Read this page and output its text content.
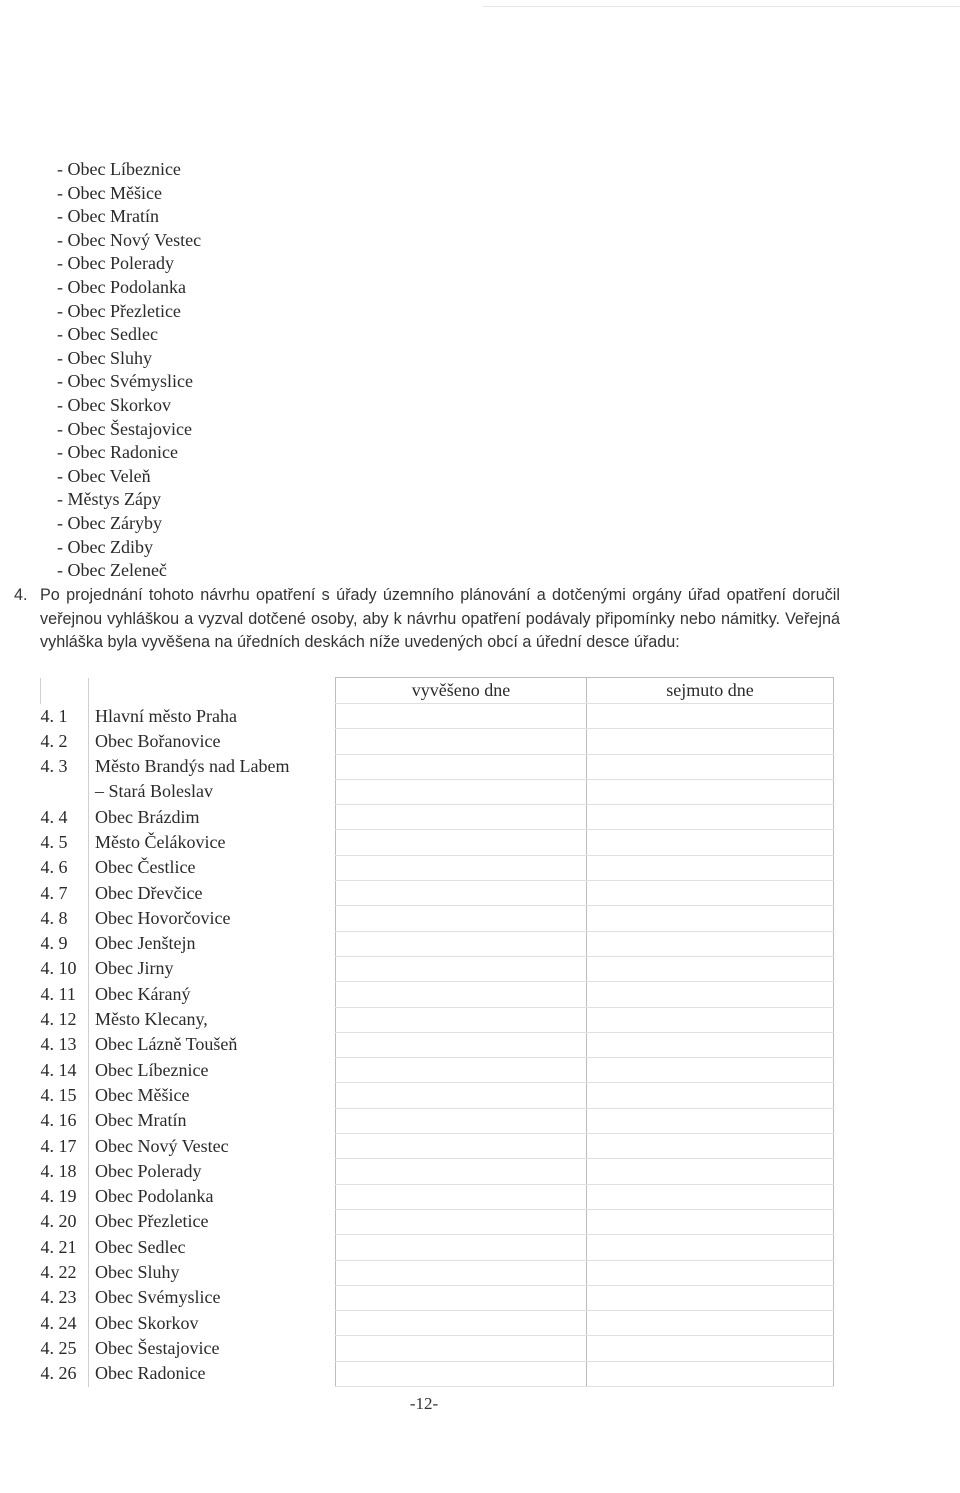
- Obec Líbeznice
- Obec Měšice
- Obec Mratín
- Obec Nový Vestec
- Obec Polerady
- Obec Podolanka
- Obec Přezletice
- Obec Sedlec
- Obec Sluhy
- Obec Svémyslice
- Obec Skorkov
- Obec Šestajovice
- Obec Radonice
- Obec Veleň
- Městys Zápy
- Obec Záryby
- Obec Zdiby
- Obec Zeleneč
4. Po projednání tohoto návrhu opatření s úřady územního plánování a dotčenými orgány úřad opatření doručil veřejnou vyhláškou a vyzval dotčené osoby, aby k návrhu opatření podávaly připomínky nebo námitky. Veřejná vyhláška byla vyvěšena na úředních deskách níže uvedených obcí a úřední desce úřadu:

		vyvěšeno dne	sejmuto dne
4. 1	Hlavní město Praha		
4. 2	Obec Bořanovice		
4. 3	Město Brandýs nad Labem		
	– Stará Boleslav		
4. 4	Obec Brázdim		
4. 5	Město Čelákovice		
4. 6	Obec Čestlice		
4. 7	Obec Dřevčice		
4. 8	Obec Hovorčovice		
4. 9	Obec Jenštejn		
4. 10	Obec Jirny		
4. 11	Obec Káraný		
4. 12	Město Klecany,		
4. 13	Obec Lázně Toušeň		
4. 14	Obec Líbeznice		
4. 15	Obec Měšice		
4. 16	Obec Mratín		
4. 17	Obec Nový Vestec		
4. 18	Obec Polerady		
4. 19	Obec Podolanka		
4. 20	Obec Přezletice		
4. 21	Obec Sedlec		
4. 22	Obec Sluhy		
4. 23	Obec Svémyslice		
4. 24	Obec Skorkov		
4. 25	Obec Šestajovice		
4. 26	Obec Radonice		
-12-
